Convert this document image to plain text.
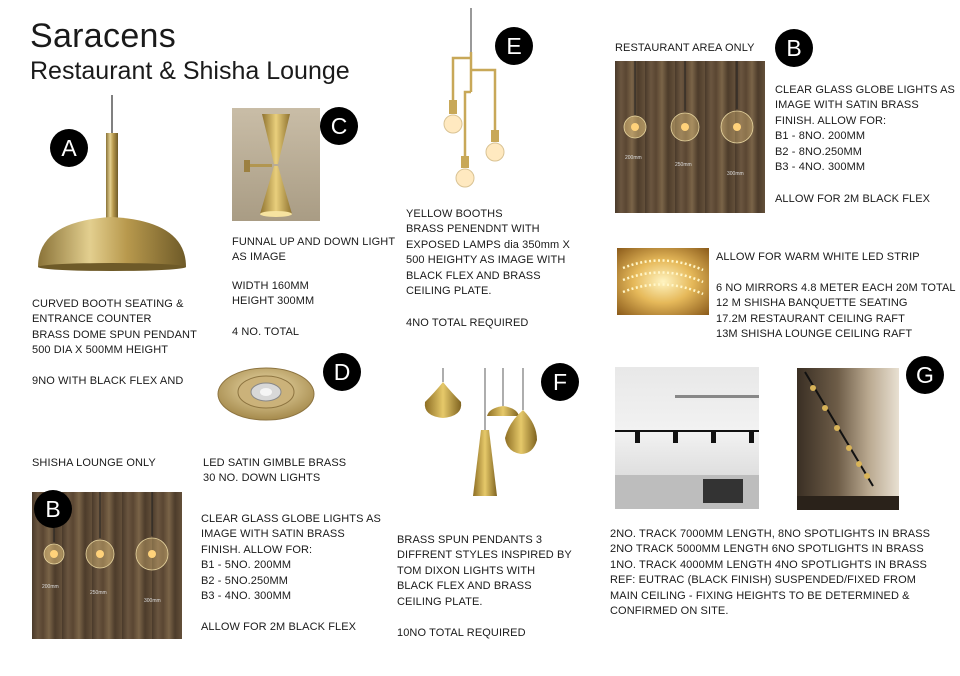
Saracens
Restaurant & Shisha Lounge
A
CURVED BOOTH SEATING &
ENTRANCE COUNTER
BRASS DOME SPUN PENDANT
500 DIA X 500MM HEIGHT
9NO WITH BLACK FLEX AND
SHISHA LOUNGE ONLY
200mm
250mm
300mm
B	CLEAR GLASS GLOBE LIGHTS AS
IMAGE WITH SATIN BRASS
FINISH. ALLOW FOR:
B1 - 5NO. 200MM
B2 - 5NO.250MM
B3 - 4NO. 300MM
ALLOW FOR 2M BLACK FLEX
C
FUNNAL UP AND DOWN LIGHT
AS IMAGE
WIDTH 160MM
HEIGHT 300MM
4 NO. TOTAL
D
LED SATIN GIMBLE BRASS
30 NO. DOWN LIGHTS
E
YELLOW BOOTHS
BRASS PENENDNT WITH
EXPOSED LAMPS dia 350mm X
500 HEIGHTY AS IMAGE WITH
BLACK FLEX AND BRASS
CEILING PLATE.
4NO TOTAL REQUIRED
F
BRASS SPUN PENDANTS 3
DIFFRENT STYLES INSPIRED BY
TOM DIXON LIGHTS WITH
BLACK FLEX AND BRASS
CEILING PLATE.
10NO TOTAL REQUIRED
RESTAURANT AREA ONLY	B
200mm
250mm
300mm
CLEAR GLASS GLOBE LIGHTS AS
IMAGE WITH SATIN BRASS
FINISH. ALLOW FOR:
B1 - 8NO. 200MM
B2 - 8NO.250MM
B3 - 4NO. 300MM
ALLOW FOR 2M BLACK FLEX
ALLOW FOR WARM WHITE LED STRIP
6 NO MIRRORS 4.8 METER EACH 20M TOTAL
12 M SHISHA BANQUETTE SEATING
17.2M RESTAURANT CEILING RAFT
13M SHISHA LOUNGE CEILING RAFT
G
2NO. TRACK 7000MM LENGTH, 8NO SPOTLIGHTS IN BRASS
2NO TRACK 5000MM LENGTH 6NO SPOTLIGHTS IN BRASS
1NO. TRACK 4000MM LENGTH 4NO SPOTLIGHTS IN BRASS
REF: EUTRAC (BLACK FINISH) SUSPENDED/FIXED FROM
MAIN CEILING - FIXING HEIGHTS TO BE DETERMINED &
CONFIRMED ON SITE.
